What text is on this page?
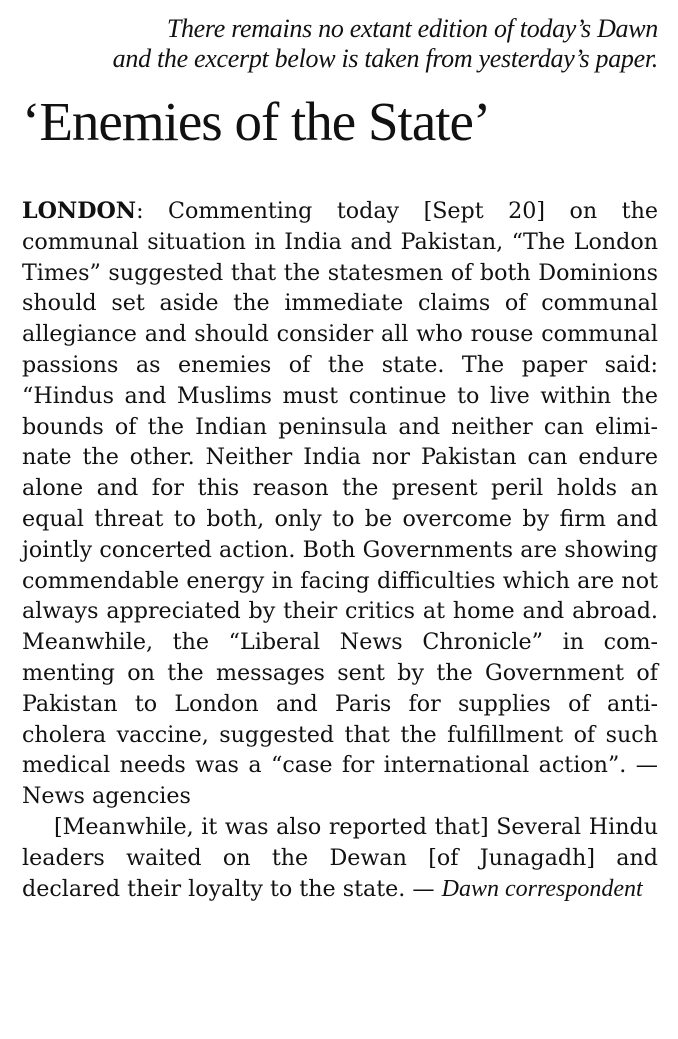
There remains no extant edition of today’s Dawn
and the excerpt below is taken from yesterday’s paper.

‘Enemies of the State’

LONDON: Commenting today [Sept 20] on the communal situation in India and Pakistan, “The London Times” suggested that the statesmen of both Dominions should set aside the immediate claims of communal allegiance and should consider all who rouse communal passions as enemies of the state. The paper said: “Hindus and Muslims must continue to live within the bounds of the Indian peninsula and neither can eliminate the other. Neither India nor Pakistan can endure alone and for this reason the present peril holds an equal threat to both, only to be overcome by firm and jointly concerted action. Both Governments are showing commendable energy in facing difficulties which are not always appreciated by their critics at home and abroad. Meanwhile, the “Liberal News Chronicle” in commenting on the messages sent by the Government of Pakistan to London and Paris for supplies of anti-cholera vaccine, suggested that the fulfillment of such medical needs was a “case for international action”. — News agencies

[Meanwhile, it was also reported that] Several Hindu leaders waited on the Dewan [of Junagadh] and declared their loyalty to the state. — Dawn correspondent
